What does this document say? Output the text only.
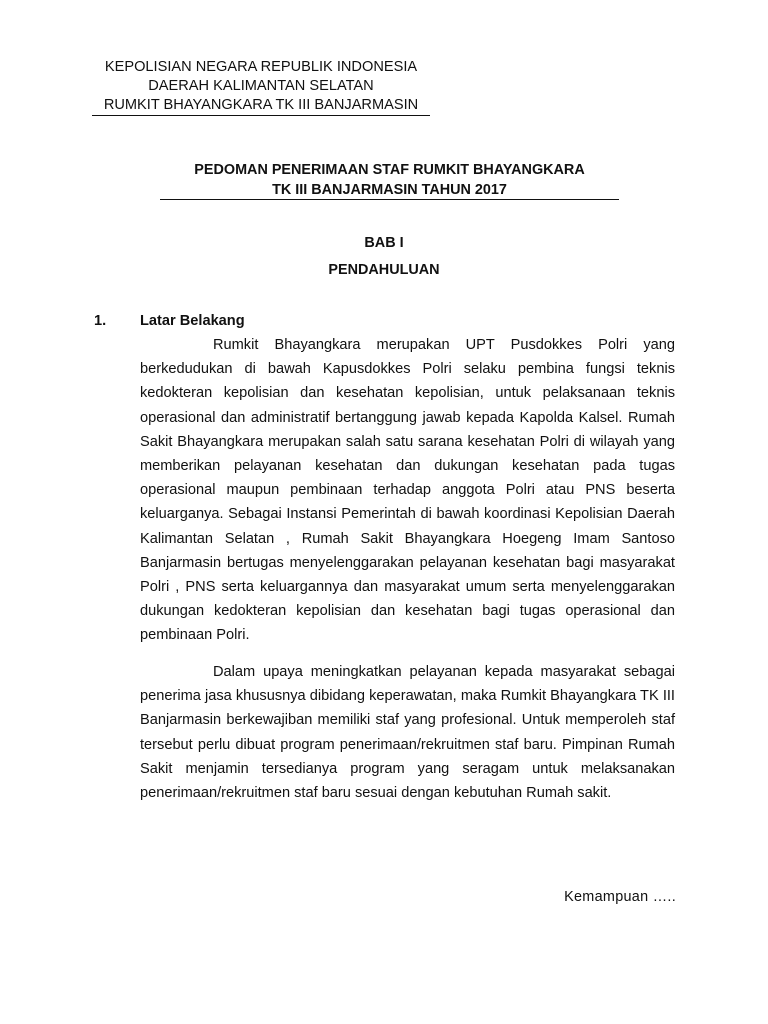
KEPOLISIAN NEGARA REPUBLIK INDONESIA
DAERAH KALIMANTAN SELATAN
RUMKIT BHAYANGKARA TK III BANJARMASIN
PEDOMAN PENERIMAAN STAF RUMKIT BHAYANGKARA
TK III BANJARMASIN TAHUN 2017
BAB I
PENDAHULUAN
1. Latar Belakang

Rumkit Bhayangkara merupakan UPT Pusdokkes Polri yang berkedudukan di bawah Kapusdokkes Polri selaku pembina fungsi teknis kedokteran kepolisian dan kesehatan kepolisian, untuk pelaksanaan teknis operasional dan administratif bertanggung jawab kepada Kapolda Kalsel. Rumah Sakit Bhayangkara merupakan salah satu sarana kesehatan Polri di wilayah yang memberikan pelayanan kesehatan dan dukungan kesehatan pada tugas operasional maupun pembinaan terhadap anggota Polri atau PNS beserta keluarganya. Sebagai Instansi Pemerintah di bawah koordinasi Kepolisian Daerah Kalimantan Selatan , Rumah Sakit Bhayangkara Hoegeng Imam Santoso Banjarmasin bertugas menyelenggarakan pelayanan kesehatan bagi masyarakat Polri , PNS serta keluargannya dan masyarakat umum serta menyelenggarakan dukungan kedokteran kepolisian dan kesehatan bagi tugas operasional dan pembinaan Polri.

Dalam upaya meningkatkan pelayanan kepada masyarakat sebagai penerima jasa khususnya dibidang keperawatan, maka Rumkit Bhayangkara TK III Banjarmasin berkewajiban memiliki staf yang profesional. Untuk memperoleh staf tersebut perlu dibuat program penerimaan/rekruitmen staf baru. Pimpinan Rumah Sakit menjamin tersedianya program yang seragam untuk melaksanakan penerimaan/rekruitmen staf baru sesuai dengan kebutuhan Rumah sakit.

Kemampuan …..
